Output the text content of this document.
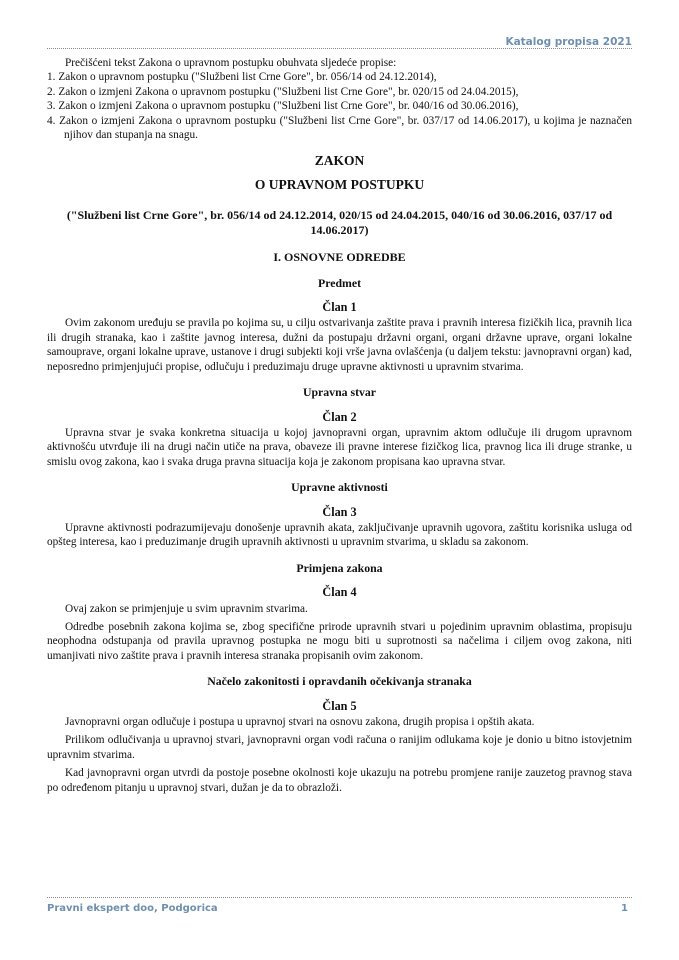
Katalog propisa 2021

Prečišćeni tekst Zakona o upravnom postupku obuhvata sljedeće propise:

1. Zakon o upravnom postupku ("Službeni list Crne Gore", br. 056/14 od 24.12.2014),

2. Zakon o izmjeni Zakona o upravnom postupku ("Službeni list Crne Gore", br. 020/15 od 24.04.2015),

3. Zakon o izmjeni Zakona o upravnom postupku ("Službeni list Crne Gore", br. 040/16 od 30.06.2016),

4. Zakon o izmjeni Zakona o upravnom postupku ("Službeni list Crne Gore", br. 037/17 od 14.06.2017), u kojima je naznačen njihov dan stupanja na snagu.

ZAKON

O UPRAVNOM POSTUPKU

("Službeni list Crne Gore", br. 056/14 od 24.12.2014, 020/15 od 24.04.2015, 040/16 od 30.06.2016, 037/17 od 14.06.2017)

I. OSNOVNE ODREDBE

Predmet

Član 1

Ovim zakonom uređuju se pravila po kojima su, u cilju ostvarivanja zaštite prava i pravnih interesa fizičkih lica, pravnih lica ili drugih stranaka, kao i zaštite javnog interesa, dužni da postupaju državni organi, organi državne uprave, organi lokalne samouprave, organi lokalne uprave, ustanove i drugi subjekti koji vrše javna ovlašćenja (u daljem tekstu: javnopravni organ) kad, neposredno primjenjujući propise, odlučuju i preduzimaju druge upravne aktivnosti u upravnim stvarima.

Upravna stvar

Član 2

Upravna stvar je svaka konkretna situacija u kojoj javnopravni organ, upravnim aktom odlučuje ili drugom upravnom aktivnošću utvrđuje ili na drugi način utiče na prava, obaveze ili pravne interese fizičkog lica, pravnog lica ili druge stranke, u smislu ovog zakona, kao i svaka druga pravna situacija koja je zakonom propisana kao upravna stvar.

Upravne aktivnosti

Član 3

Upravne aktivnosti podrazumijevaju donošenje upravnih akata, zaključivanje upravnih ugovora, zaštitu korisnika usluga od opšteg interesa, kao i preduzimanje drugih upravnih aktivnosti u upravnim stvarima, u skladu sa zakonom.

Primjena zakona

Član 4

Ovaj zakon se primjenjuje u svim upravnim stvarima.

Odredbe posebnih zakona kojima se, zbog specifične prirode upravnih stvari u pojedinim upravnim oblastima, propisuju neophodna odstupanja od pravila upravnog postupka ne mogu biti u suprotnosti sa načelima i ciljem ovog zakona, niti umanjivati nivo zaštite prava i pravnih interesa stranaka propisanih ovim zakonom.

Načelo zakonitosti i opravdanih očekivanja stranaka

Član 5

Javnopravni organ odlučuje i postupa u upravnoj stvari na osnovu zakona, drugih propisa i opštih akata.

Prilikom odlučivanja u upravnoj stvari, javnopravni organ vodi računa o ranijim odlukama koje je donio u bitno istovjetnim upravnim stvarima.

Kad javnopravni organ utvrdi da postoje posebne okolnosti koje ukazuju na potrebu promjene ranije zauzetog pravnog stava po određenom pitanju u upravnoj stvari, dužan je da to obrazloži.

Pravni ekspert doo, Podgorica	1
